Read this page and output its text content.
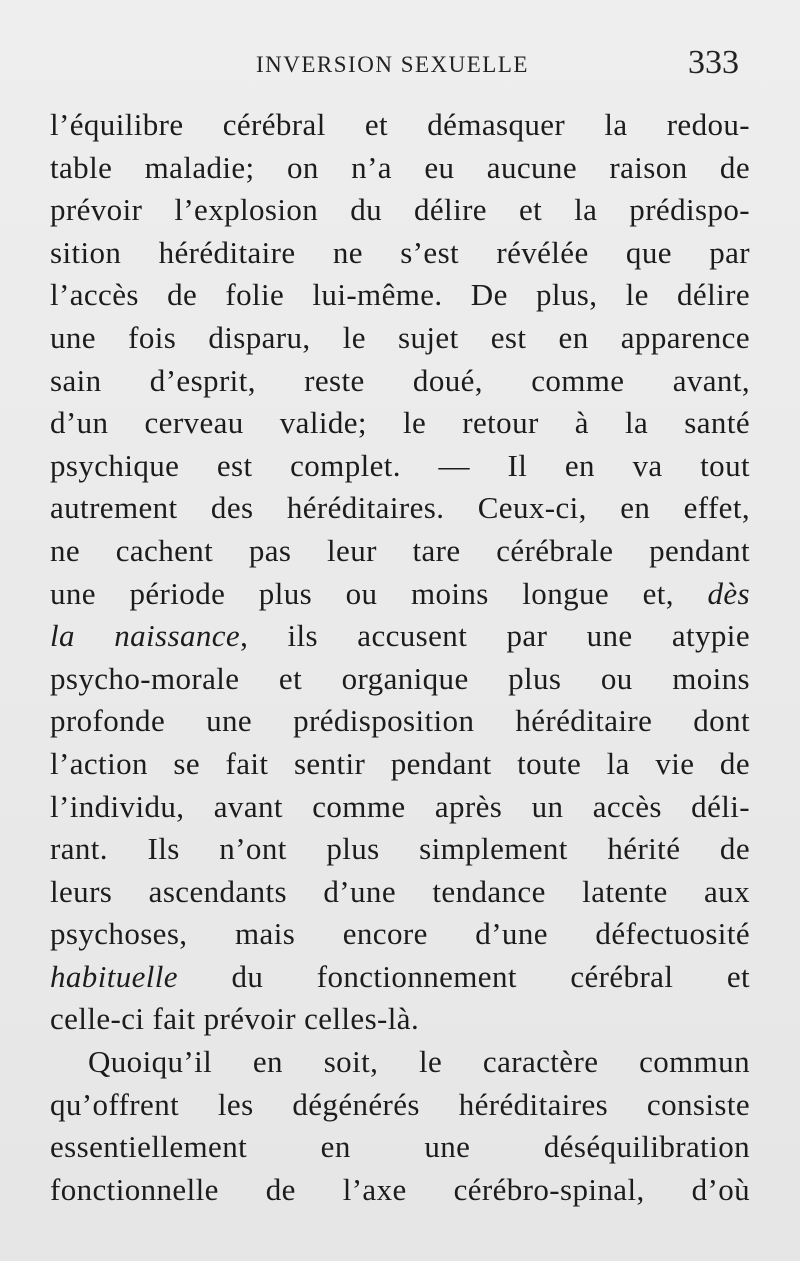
INVERSION SEXUELLE	333
l’équilibre cérébral et démasquer la redou-
table maladie; on n’a eu aucune raison de
prévoir l’explosion du délire et la prédispo-
sition héréditaire ne s’est révélée que par
l’accès de folie lui-même. De plus, le délire
une fois disparu, le sujet est en apparence
sain d’esprit, reste doué, comme avant,
d’un cerveau valide; le retour à la santé
psychique est complet. — Il en va tout
autrement des héréditaires. Ceux-ci, en effet,
ne cachent pas leur tare cérébrale pendant
une période plus ou moins longue et, dès
la naissance, ils accusent par une atypie
psycho-morale et organique plus ou moins
profonde une prédisposition héréditaire dont
l’action se fait sentir pendant toute la vie de
l’individu, avant comme après un accès déli-
rant. Ils n’ont plus simplement hérité de
leurs ascendants d’une tendance latente aux
psychoses, mais encore d’une défectuosité
habituelle du fonctionnement cérébral et
celle-ci fait prévoir celles-là.
Quoiqu’il en soit, le caractère commun
qu’offrent les dégénérés héréditaires consiste
essentiellement en une déséquilibration
fonctionnelle de l’axe cérébro-spinal, d’où
